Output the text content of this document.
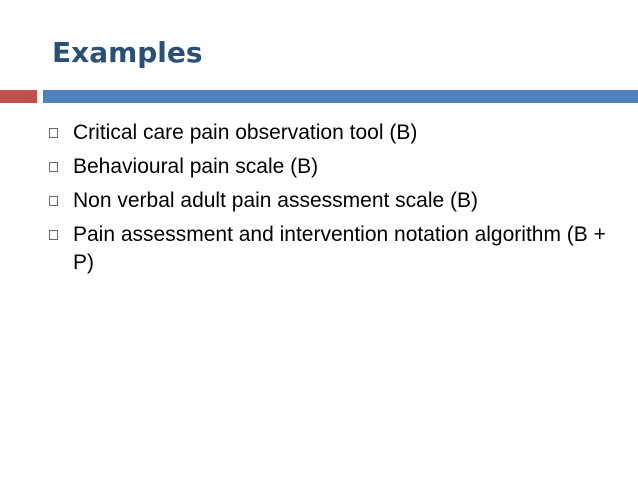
Examples
Critical care pain observation tool (B)
Behavioural pain scale (B)
Non verbal adult pain assessment scale (B)
Pain assessment and intervention notation algorithm (B + P)
